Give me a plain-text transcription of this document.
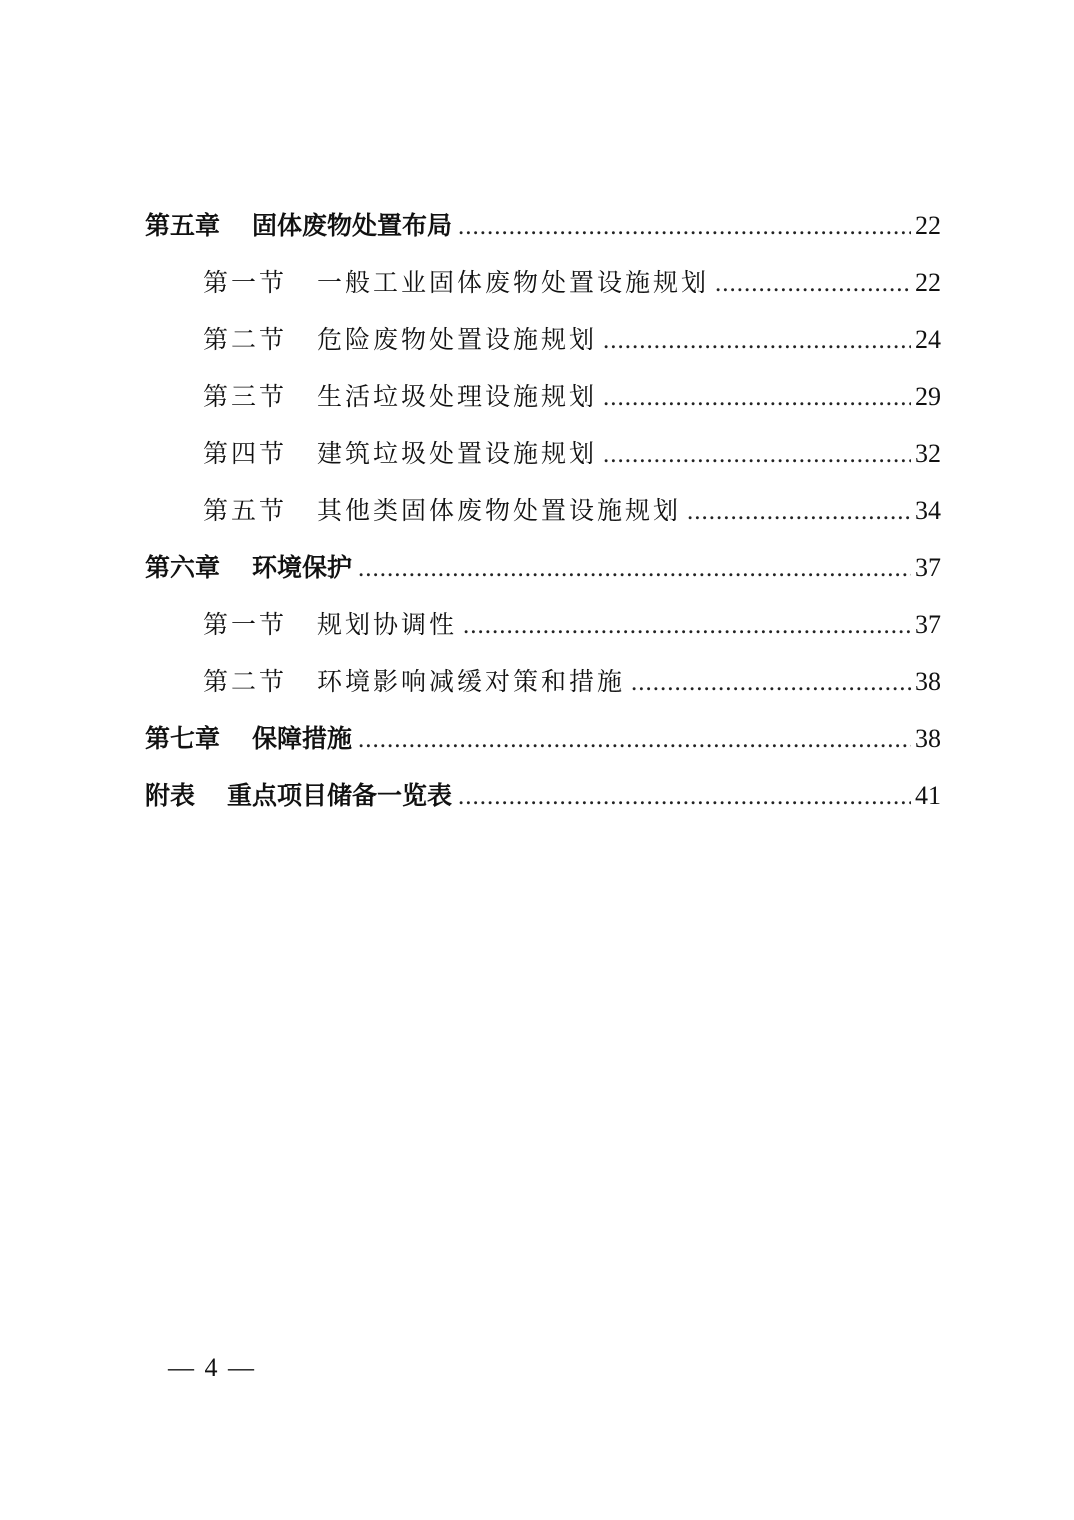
第五章 固体废物处置布局 .....	22
第一节 一般工业固体废物处置设施规划 .....	22
第二节 危险废物处置设施规划 .....	24
第三节 生活垃圾处理设施规划 .....	29
第四节 建筑垃圾处置设施规划 .....	32
第五节 其他类固体废物处置设施规划 .....	34
第六章 环境保护 .....	37
第一节 规划协调性 .....	37
第二节 环境影响减缓对策和措施 .....	38
第七章 保障措施 .....	38
附表 重点项目储备一览表 .....	41
— 4 —
